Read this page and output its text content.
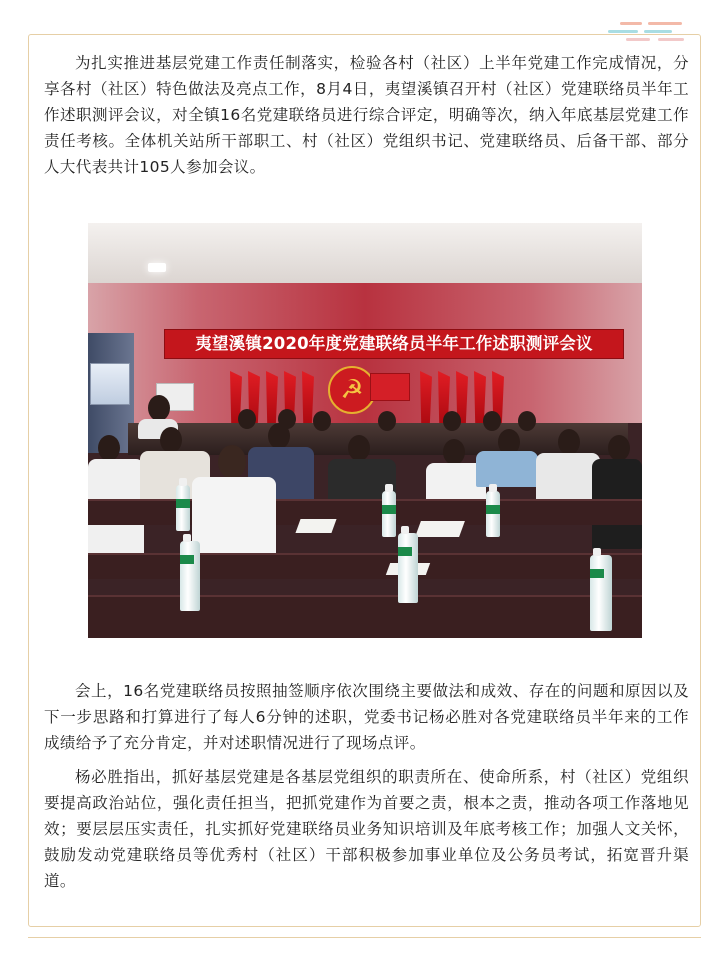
为扎实推进基层党建工作责任制落实，检验各村（社区）上半年党建工作完成情况，分享各村（社区）特色做法及亮点工作，8月4日，夷望溪镇召开村（社区）党建联络员半年工作述职测评会议，对全镇16名党建联络员进行综合评定，明确等次，纳入年底基层党建工作责任考核。全体机关站所干部职工、村（社区）党组织书记、党建联络员、后备干部、部分人大代表共计105人参加会议。

夷望溪镇2020年度党建联络员半年工作述职测评会议
☭

会上，16名党建联络员按照抽签顺序依次围绕主要做法和成效、存在的问题和原因以及下一步思路和打算进行了每人6分钟的述职，党委书记杨必胜对各党建联络员半年来的工作成绩给予了充分肯定，并对述职情况进行了现场点评。

杨必胜指出，抓好基层党建是各基层党组织的职责所在、使命所系，村（社区）党组织要提高政治站位，强化责任担当，把抓党建作为首要之责，根本之责，推动各项工作落地见效；要层层压实责任，扎实抓好党建联络员业务知识培训及年底考核工作；加强人文关怀，鼓励发动党建联络员等优秀村（社区）干部积极参加事业单位及公务员考试，拓宽晋升渠道。
